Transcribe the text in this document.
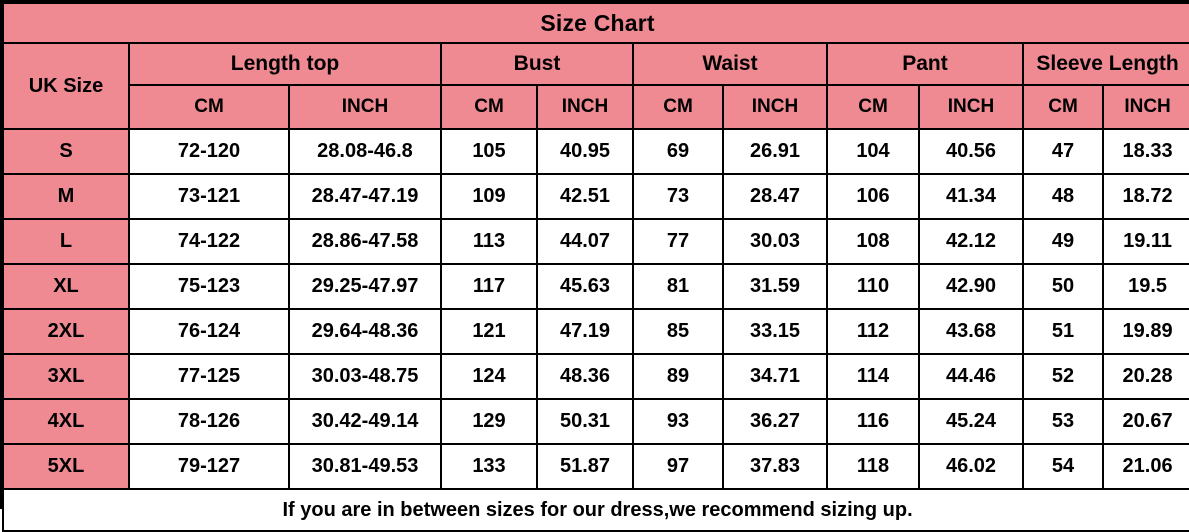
Size Chart										
UK Size	Length top		Bust		Waist		Pant		Sleeve Length	
	CM	INCH	CM	INCH	CM	INCH	CM	INCH	CM	INCH
S	72-120	28.08-46.8	105	40.95	69	26.91	104	40.56	47	18.33
M	73-121	28.47-47.19	109	42.51	73	28.47	106	41.34	48	18.72
L	74-122	28.86-47.58	113	44.07	77	30.03	108	42.12	49	19.11
XL	75-123	29.25-47.97	117	45.63	81	31.59	110	42.90	50	19.5
2XL	76-124	29.64-48.36	121	47.19	85	33.15	112	43.68	51	19.89
3XL	77-125	30.03-48.75	124	48.36	89	34.71	114	44.46	52	20.28
4XL	78-126	30.42-49.14	129	50.31	93	36.27	116	45.24	53	20.67
5XL	79-127	30.81-49.53	133	51.87	97	37.83	118	46.02	54	21.06
If you are in between sizes for our dress,we recommend sizing up.										
